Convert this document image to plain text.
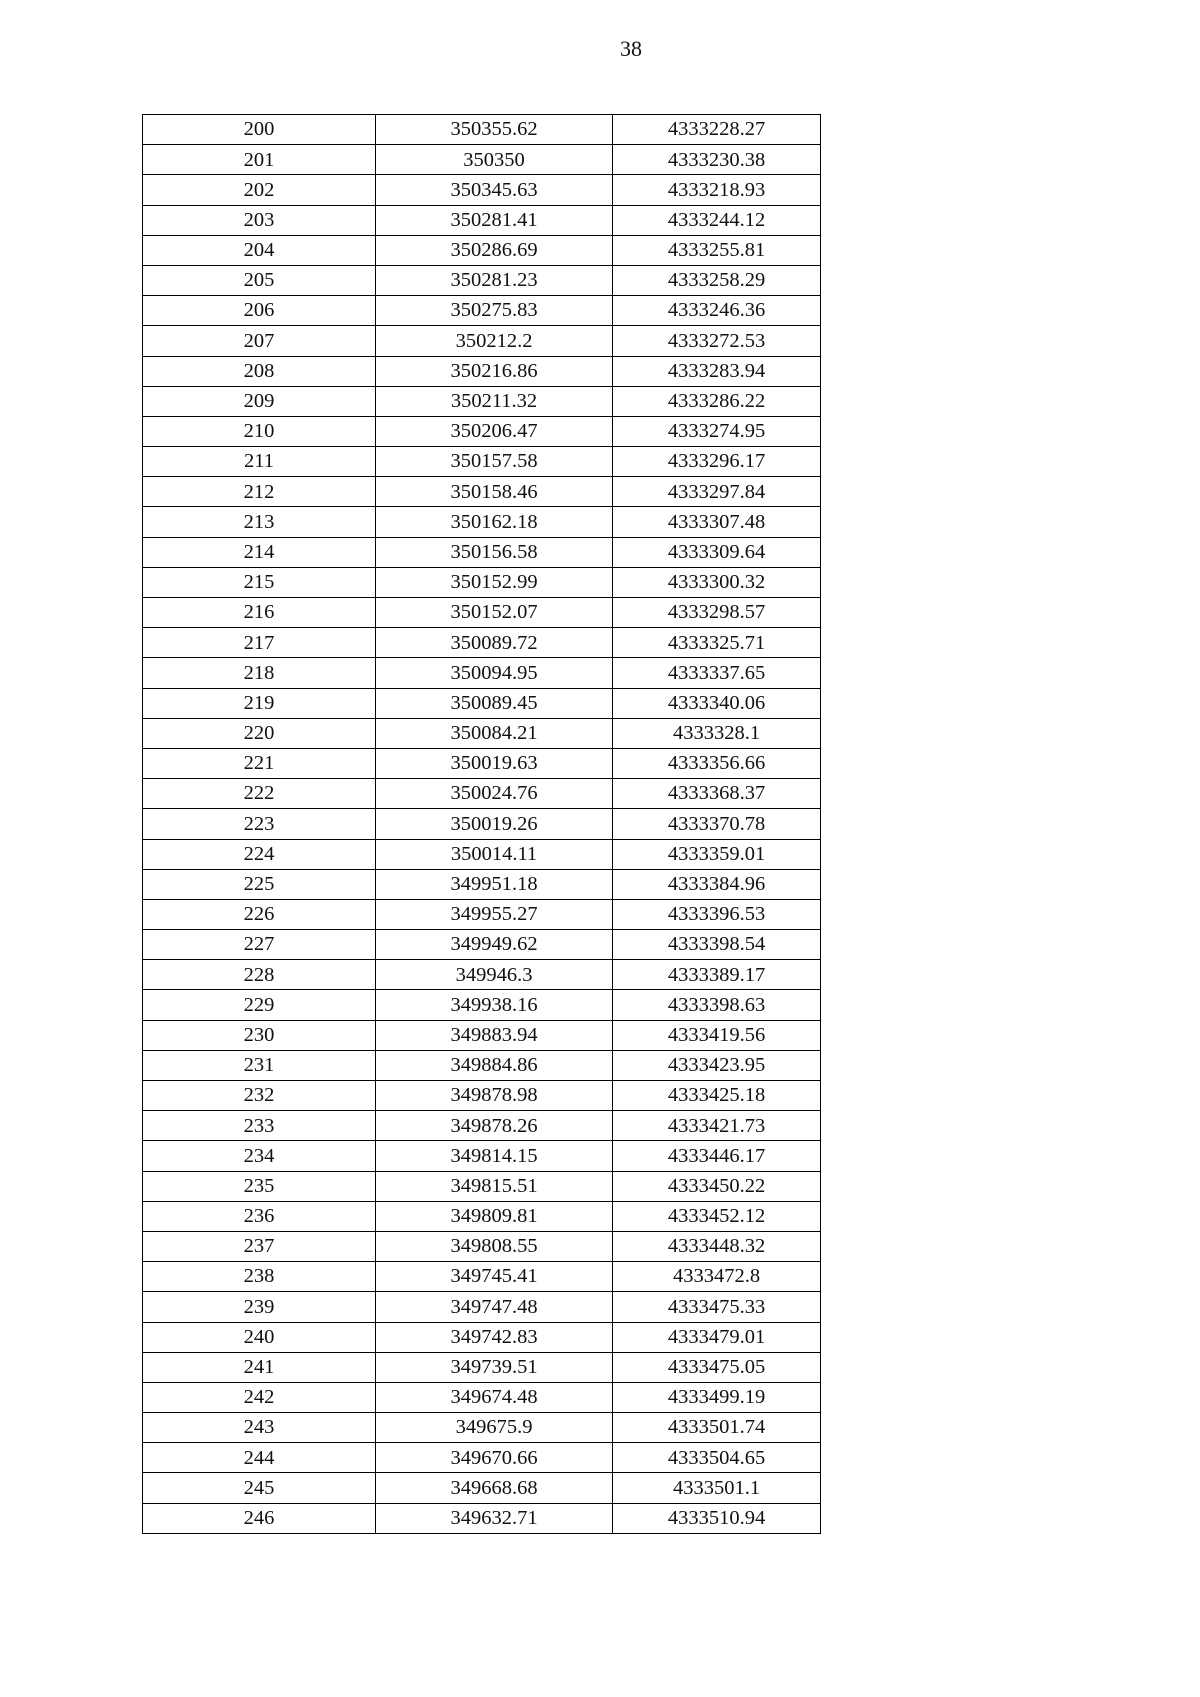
38
200	350355.62	4333228.27
201	350350	4333230.38
202	350345.63	4333218.93
203	350281.41	4333244.12
204	350286.69	4333255.81
205	350281.23	4333258.29
206	350275.83	4333246.36
207	350212.2	4333272.53
208	350216.86	4333283.94
209	350211.32	4333286.22
210	350206.47	4333274.95
211	350157.58	4333296.17
212	350158.46	4333297.84
213	350162.18	4333307.48
214	350156.58	4333309.64
215	350152.99	4333300.32
216	350152.07	4333298.57
217	350089.72	4333325.71
218	350094.95	4333337.65
219	350089.45	4333340.06
220	350084.21	4333328.1
221	350019.63	4333356.66
222	350024.76	4333368.37
223	350019.26	4333370.78
224	350014.11	4333359.01
225	349951.18	4333384.96
226	349955.27	4333396.53
227	349949.62	4333398.54
228	349946.3	4333389.17
229	349938.16	4333398.63
230	349883.94	4333419.56
231	349884.86	4333423.95
232	349878.98	4333425.18
233	349878.26	4333421.73
234	349814.15	4333446.17
235	349815.51	4333450.22
236	349809.81	4333452.12
237	349808.55	4333448.32
238	349745.41	4333472.8
239	349747.48	4333475.33
240	349742.83	4333479.01
241	349739.51	4333475.05
242	349674.48	4333499.19
243	349675.9	4333501.74
244	349670.66	4333504.65
245	349668.68	4333501.1
246	349632.71	4333510.94
